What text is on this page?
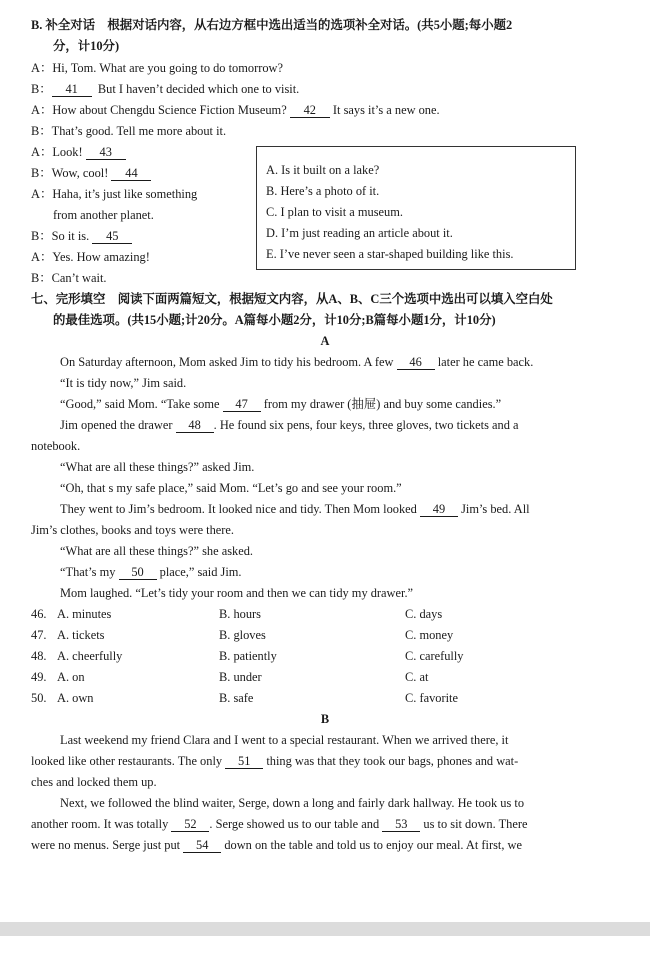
B. 补全对话　根据对话内容，从右边方框中选出适当的选项补全对话。(共5小题;每小题2
分，计10分)
A：Hi, Tom. What are you going to do tomorrow?
B： 41 But I haven’t decided which one to visit.
A：How about Chengdu Science Fiction Museum? 42 It says it’s a new one.
B：That’s good. Tell me more about it.
A：Look! 43
B：Wow, cool! 44
A：Haha, it’s just like something
from another planet.
B：So it is. 45
A：Yes. How amazing!
B：Can’t wait.
A. Is it built on a lake?
B. Here’s a photo of it.
C. I plan to visit a museum.
D. I’m just reading an article about it.
E. I’ve never seen a star-shaped building like this.
七、完形填空　阅读下面两篇短文，根据短文内容，从A、B、C三个选项中选出可以填入空白处
的最佳选项。(共15小题;计20分。A篇每小题2分，计10分;B篇每小题1分，计10分)
A
On Saturday afternoon, Mom asked Jim to tidy his bedroom. A few 46 later he came back.
“It is tidy now,” Jim said.
“Good,” said Mom. “Take some 47 from my drawer (抽屉) and buy some candies.”
Jim opened the drawer 48 . He found six pens, four keys, three gloves, two tickets and a
notebook.
“What are all these things?” asked Jim.
“Oh, that s my safe place,” said Mom. “Let’s go and see your room.”
They went to Jim’s bedroom. It looked nice and tidy. Then Mom looked 49 Jim’s bed. All
Jim’s clothes, books and toys were there.
“What are all these things?” she asked.
“That’s my 50 place,” said Jim.
Mom laughed. “Let’s tidy your room and then we can tidy my drawer.”
46. A. minutes	B. hours	C. days
47. A. tickets	B. gloves	C. money
48. A. cheerfully	B. patiently	C. carefully
49. A. on	B. under	C. at
50. A. own	B. safe	C. favorite
B
Last weekend my friend Clara and I went to a special restaurant. When we arrived there, it
looked like other restaurants. The only 51 thing was that they took our bags, phones and wat-
ches and locked them up.
Next, we followed the blind waiter, Serge, down a long and fairly dark hallway. He took us to
another room. It was totally 52 . Serge showed us to our table and 53 us to sit down. There
were no menus. Serge just put 54 down on the table and told us to enjoy our meal. At first, we
